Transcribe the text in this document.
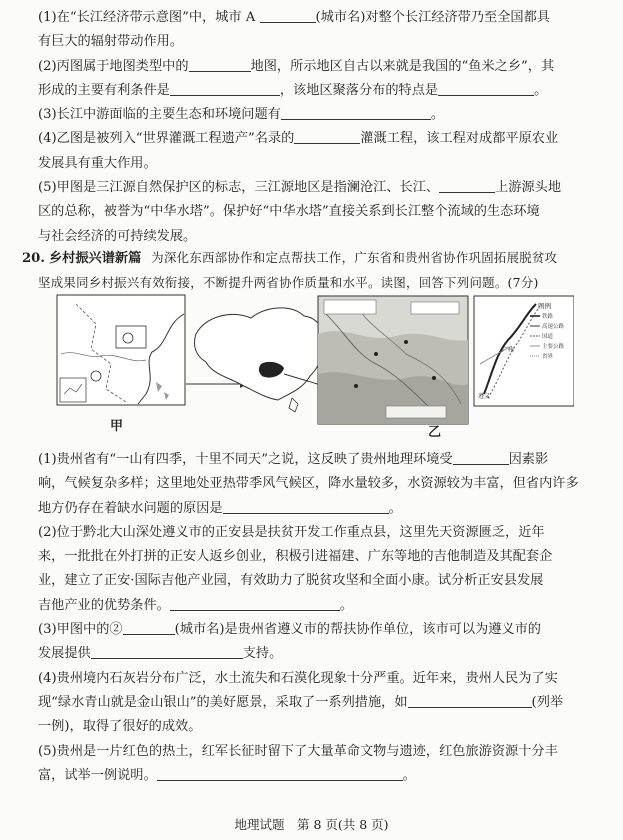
(1)在“长江经济带示意图”中，城市 A	(城市名)对整个长江经济带乃至全国都具

有巨大的辐射带动作用。

(2)丙图属于地图类型中的	地图，所示地区自古以来就是我国的“鱼米之乡”，其

形成的主要有利条件是	，该地区聚落分布的特点是	。

(3)长江中游面临的主要生态和环境问题有	。

(4)乙图是被列入“世界灌溉工程遗产”名录的	灌溉工程，该工程对成都平原农业

发展具有重大作用。

(5)甲图是三江源自然保护区的标志，三江源地区是指澜沧江、长江、	上游源头地

区的总称，被誉为“中华水塔”。保护好“中华水塔”直接关系到长江整个流域的生态环境

与社会经济的可持续发展。

20. 乡村振兴谱新篇 为深化东西部协作和定点帮扶工作，广东省和贵州省协作巩固拓展脱贫攻

坚成果同乡村振兴有效衔接，不断提升两省协作质量和水平。读图，回答下列问题。(7分)

广州
遵义
图例
铁路
高速公路
国道
主要公路
省界
甲	乙

(1)贵州省有“一山有四季，十里不同天”之说，这反映了贵州地理环境受	因素影

响，气候复杂多样；这里地处亚热带季风气候区，降水量较多，水资源较为丰富，但省内许多

地方仍存在着缺水问题的原因是	。

(2)位于黔北大山深处遵义市的正安县是扶贫开发工作重点县，这里先天资源匮乏，近年

来，一批批在外打拼的正安人返乡创业，积极引进福建、广东等地的吉他制造及其配套企

业，建立了正安·国际吉他产业园，有效助力了脱贫攻坚和全面小康。试分析正安县发展

吉他产业的优势条件。	。

(3)甲图中的②	(城市名)是贵州省遵义市的帮扶协作单位，该市可以为遵义市的

发展提供	支持。

(4)贵州境内石灰岩分布广泛，水土流失和石漠化现象十分严重。近年来，贵州人民为了实

现“绿水青山就是金山银山”的美好愿景，采取了一系列措施，如	(列举

一例)，取得了很好的成效。

(5)贵州是一片红色的热土，红军长征时留下了大量革命文物与遗迹，红色旅游资源十分丰

富，试举一例说明。	。

地理试题　第 8 页(共 8 页)
